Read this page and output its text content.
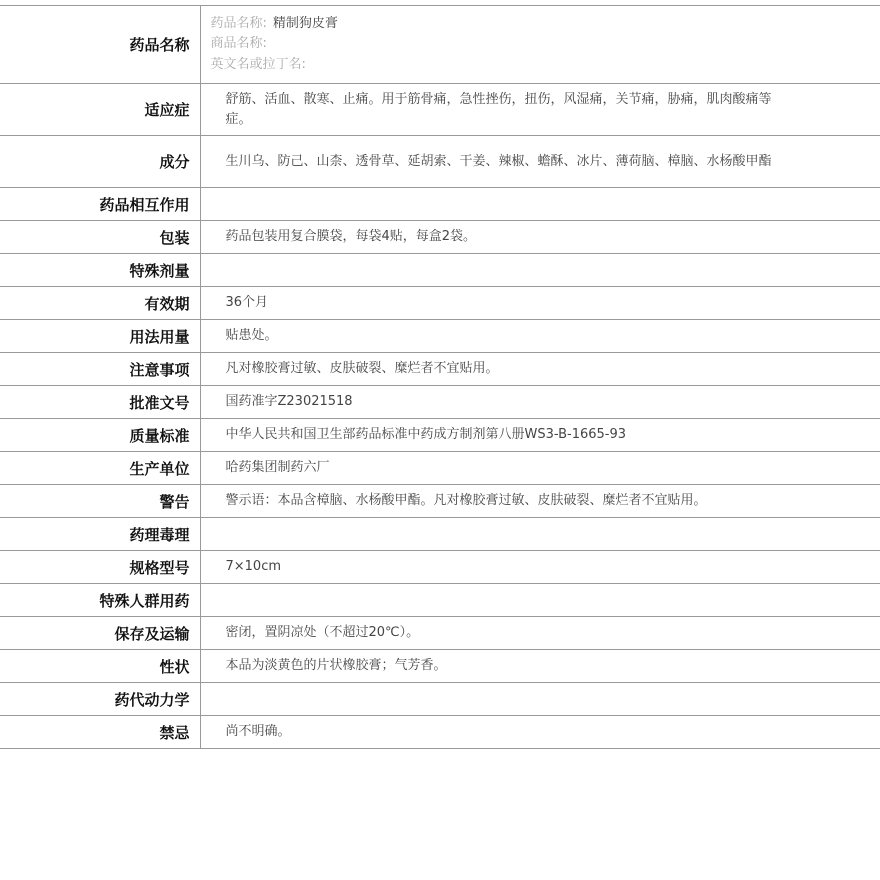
药品名称	药品名称: 精制狗皮膏
商品名称:
英文名或拉丁名:

适应症	舒筋、活血、散寒、止痛。用于筋骨痛，急性挫伤，扭伤，风湿痛，关节痛，胁痛，肌肉酸痛等症。
成分	生川乌、防己、山柰、透骨草、延胡索、干姜、辣椒、蟾酥、冰片、薄荷脑、樟脑、水杨酸甲酯
药品相互作用	
包装	药品包装用复合膜袋，每袋4贴，每盒2袋。
特殊剂量	
有效期	36个月
用法用量	贴患处。
注意事项	凡对橡胶膏过敏、皮肤破裂、糜烂者不宜贴用。
批准文号	国药准字Z23021518
质量标准	中华人民共和国卫生部药品标准中药成方制剂第八册WS3-B-1665-93
生产单位	哈药集团制药六厂
警告	警示语：本品含樟脑、水杨酸甲酯。凡对橡胶膏过敏、皮肤破裂、糜烂者不宜贴用。
药理毒理	
规格型号	7×10cm
特殊人群用药	
保存及运输	密闭，置阴凉处（不超过20℃）。
性状	本品为淡黄色的片状橡胶膏；气芳香。
药代动力学	
禁忌	尚不明确。
